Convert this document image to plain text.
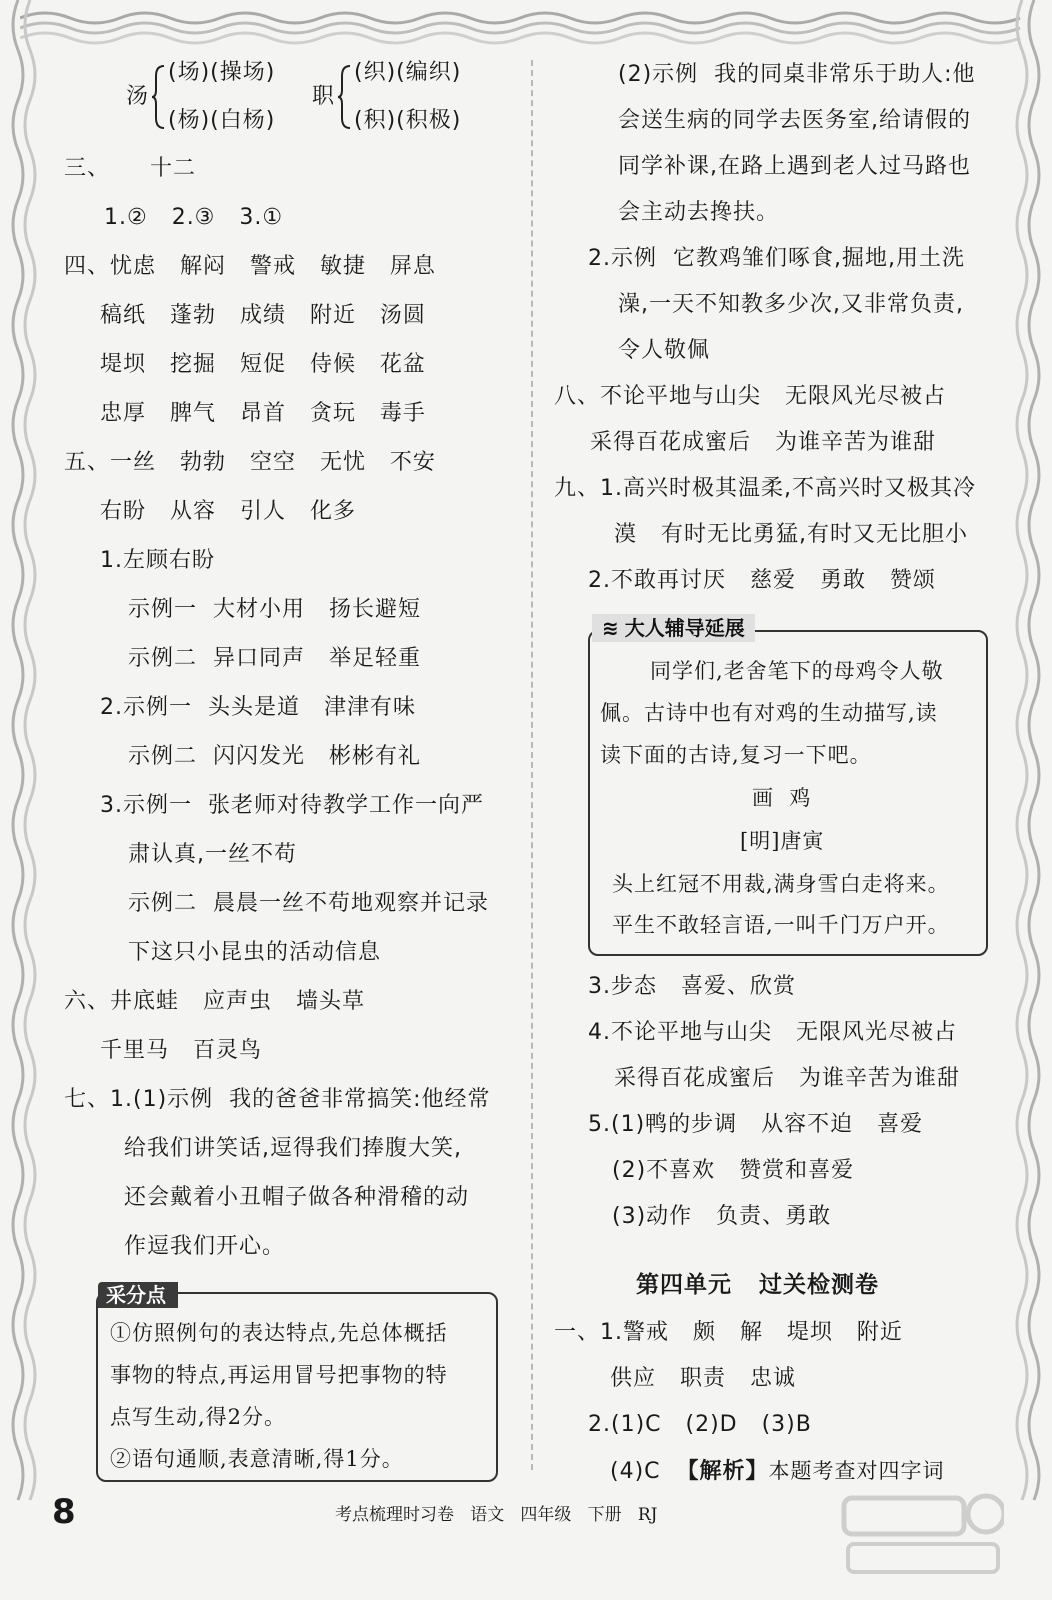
汤
(场)(操场)
(杨)(白杨)
职
(织)(编织)
(积)(积极)
三、 十二
1.②   2.③   3.①
四、忧虑   解闷   警戒   敏捷   屏息
稿纸   蓬勃   成绩   附近   汤圆
堤坝   挖掘   短促   侍候   花盆
忠厚   脾气   昂首   贪玩   毒手
五、一丝   勃勃   空空   无忧   不安
右盼   从容   引人   化多
1.左顾右盼
示例一  大材小用   扬长避短
示例二  异口同声   举足轻重
2.示例一  头头是道   津津有味
示例二  闪闪发光   彬彬有礼
3.示例一  张老师对待教学工作一向严
肃认真,一丝不苟
示例二  晨晨一丝不苟地观察并记录
下这只小昆虫的活动信息
六、井底蛙   应声虫   墙头草
千里马   百灵鸟
七、1.(1)示例  我的爸爸非常搞笑:他经常
给我们讲笑话,逗得我们捧腹大笑,
还会戴着小丑帽子做各种滑稽的动
作逗我们开心。
采分点
①仿照例句的表达特点,先总体概括
事物的特点,再运用冒号把事物的特
点写生动,得2分。
②语句通顺,表意清晰,得1分。
(2)示例  我的同桌非常乐于助人:他
会送生病的同学去医务室,给请假的
同学补课,在路上遇到老人过马路也
会主动去搀扶。
2.示例  它教鸡雏们啄食,掘地,用土洗
澡,一天不知教多少次,又非常负责,
令人敬佩
八、不论平地与山尖   无限风光尽被占
采得百花成蜜后   为谁辛苦为谁甜
九、1.高兴时极其温柔,不高兴时又极其冷
漠   有时无比勇猛,有时又无比胆小
2.不敢再讨厌   慈爱   勇敢   赞颂
≋ 大人辅导延展
同学们,老舍笔下的母鸡令人敬
佩。古诗中也有对鸡的生动描写,读
读下面的古诗,复习一下吧。
画  鸡
[明]唐寅
头上红冠不用裁,满身雪白走将来。
平生不敢轻言语,一叫千门万户开。
3.步态   喜爱、欣赏
4.不论平地与山尖   无限风光尽被占
采得百花成蜜后   为谁辛苦为谁甜
5.(1)鸭的步调   从容不迫   喜爱
(2)不喜欢   赞赏和喜爱
(3)动作   负责、勇敢
第四单元   过关检测卷
一、1.警戒   颇   解   堤坝   附近
供应   职责   忠诚
2.(1)C   (2)D   (3)B
(4)C  【解析】本题考查对四字词
8	考点梳理时习卷   语文   四年级   下册   RJ
